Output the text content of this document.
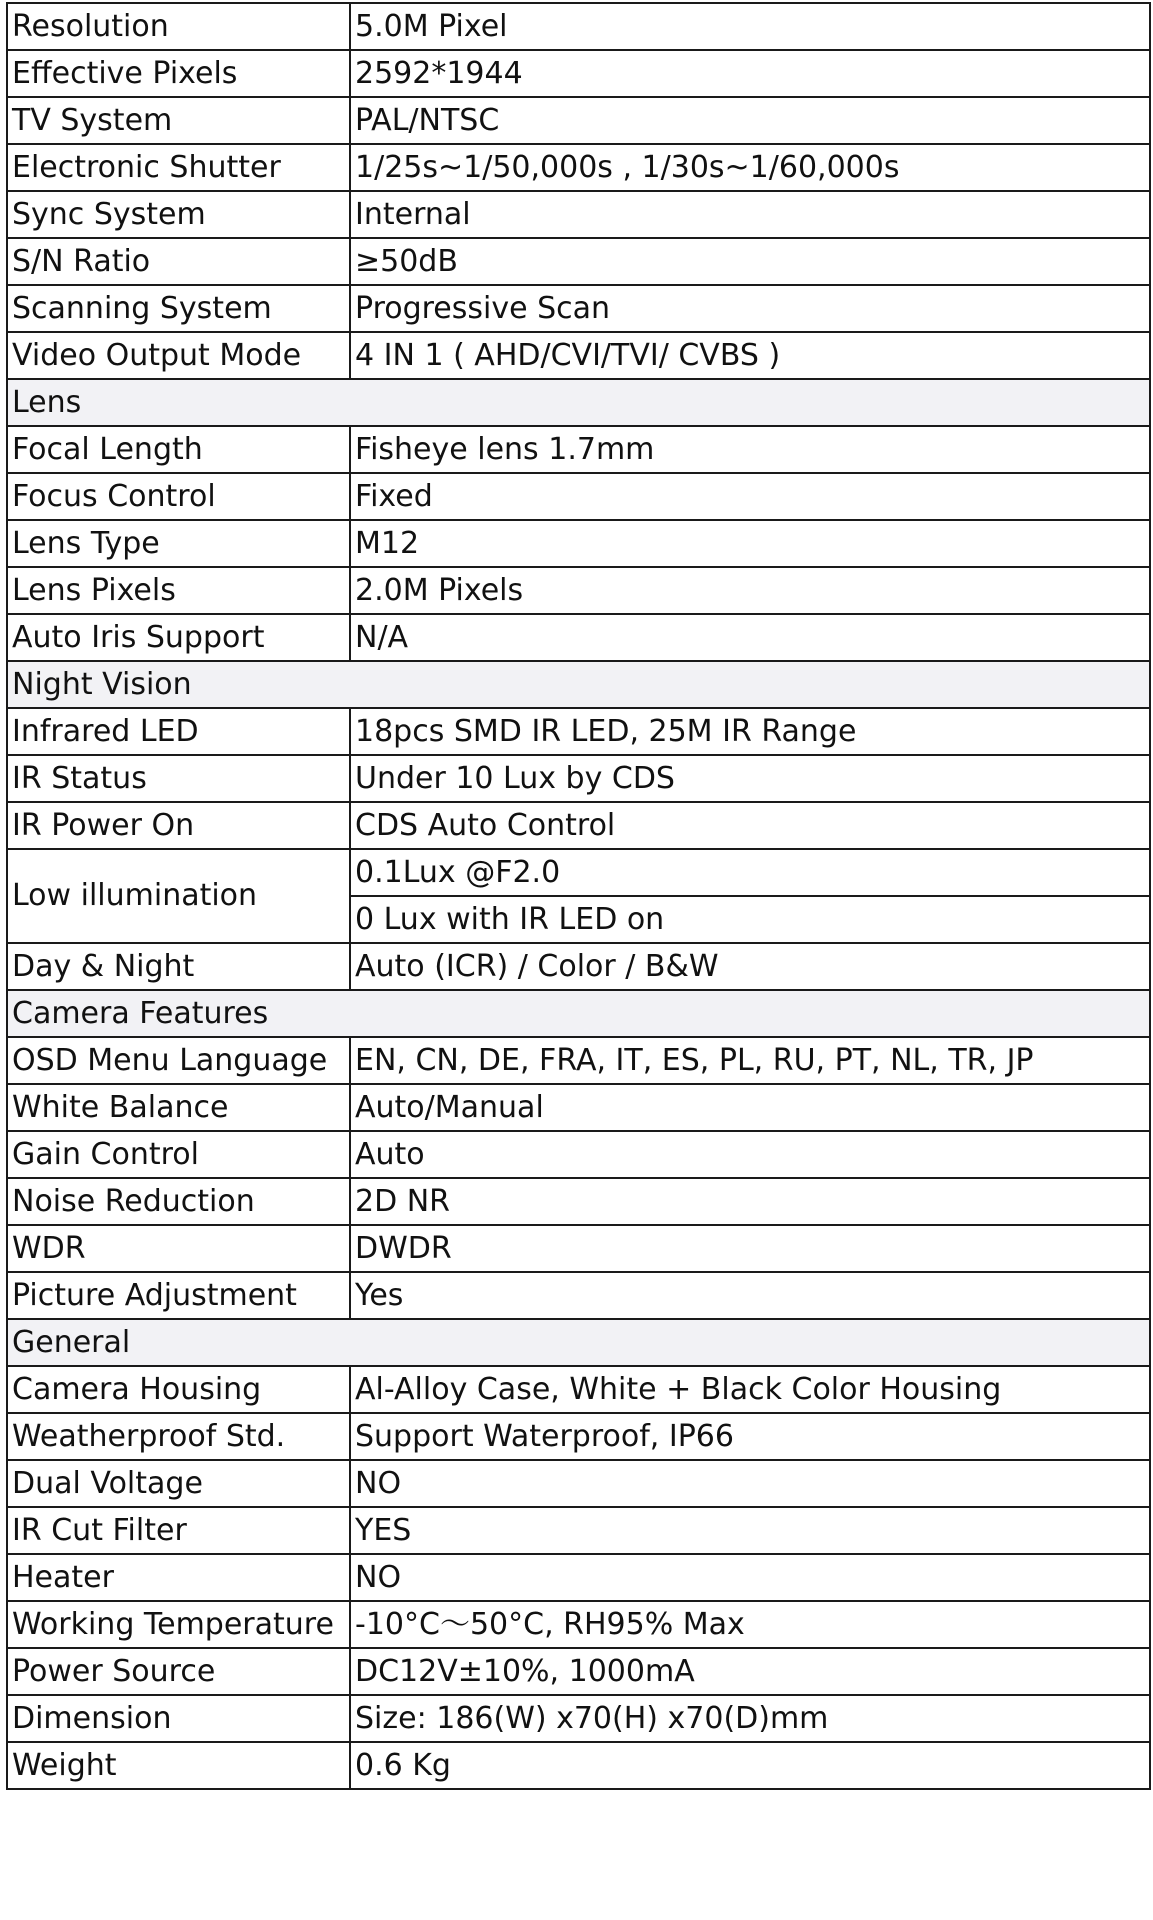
Resolution	5.0M Pixel
Effective Pixels	2592*1944
TV System	PAL/NTSC
Electronic Shutter	1/25s~1/50,000s , 1/30s~1/60,000s
Sync System	Internal
S/N Ratio	≥50dB
Scanning System	Progressive Scan
Video Output Mode	4 IN 1 ( AHD/CVI/TVI/ CVBS )
Lens	
Focal Length	Fisheye lens 1.7mm
Focus Control	Fixed
Lens Type	M12
Lens Pixels	2.0M Pixels
Auto Iris Support	N/A
Night Vision	
Infrared LED	18pcs SMD IR LED, 25M IR Range
IR Status	Under 10 Lux by CDS
IR Power On	CDS Auto Control
Low illumination	0.1Lux @F2.0
	0 Lux with IR LED on
Day & Night	Auto (ICR) / Color / B&W
Camera Features	
OSD Menu Language	EN, CN, DE, FRA, IT, ES, PL, RU, PT, NL, TR, JP
White Balance	Auto/Manual
Gain Control	Auto
Noise Reduction	2D NR
WDR	DWDR
Picture Adjustment	Yes
General	
Camera Housing	Al-Alloy Case, White + Black Color Housing
Weatherproof Std.	Support Waterproof, IP66
Dual Voltage	NO
IR Cut Filter	YES
Heater	NO
Working Temperature	-10°C～50°C, RH95% Max
Power Source	DC12V±10%, 1000mA
Dimension	Size: 186(W) x70(H) x70(D)mm
Weight	0.6 Kg
